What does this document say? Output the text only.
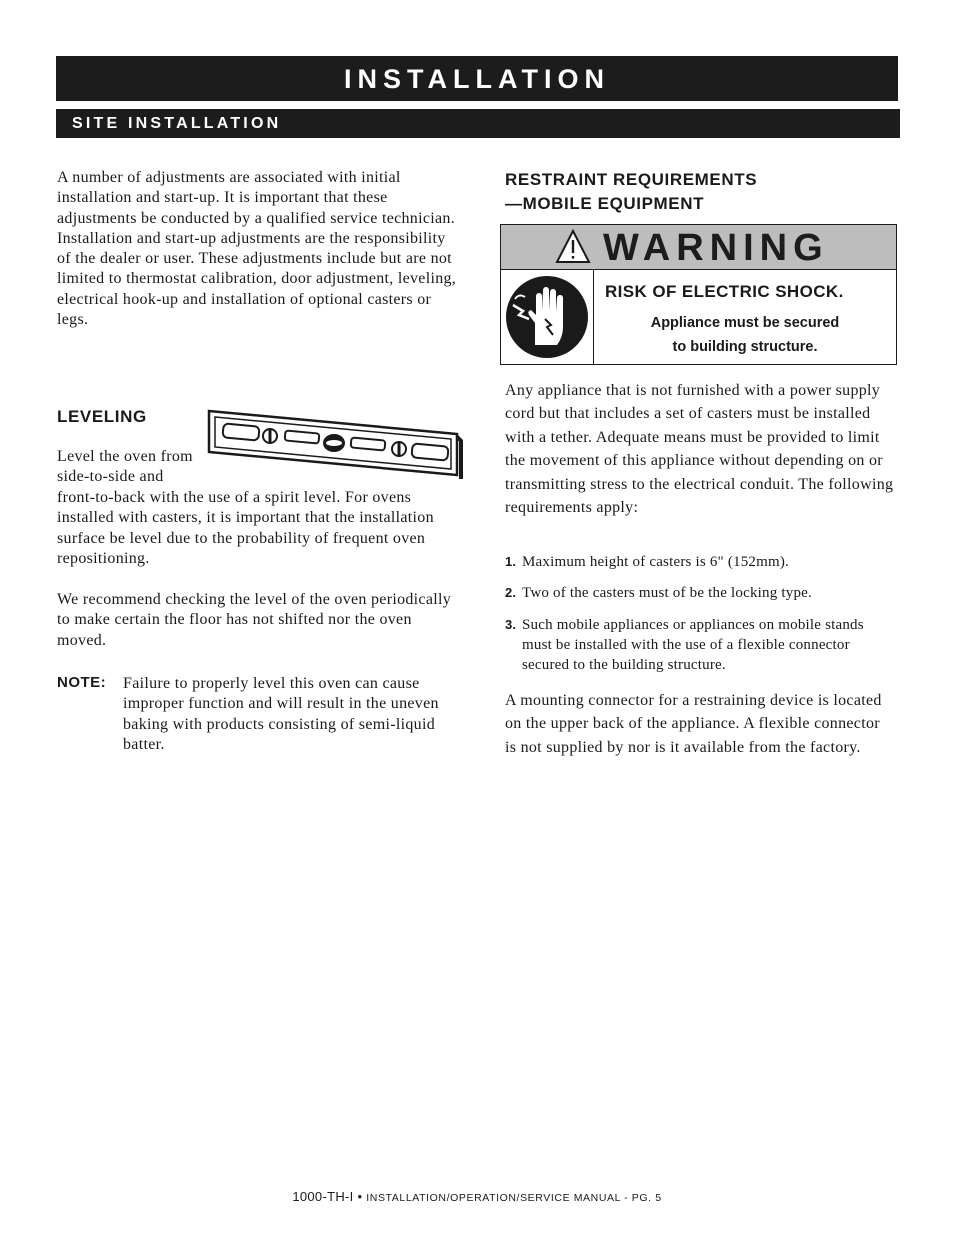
INSTALLATION
SITE INSTALLATION

A number of adjustments are associated with initial installation and start-up. It is important that these adjustments be conducted by a qualified service technician. Installation and start-up adjustments are the responsibility of the dealer or user. These adjustments include but are not limited to thermostat calibration, door adjustment, leveling, electrical hook-up and installation of optional casters or legs.

LEVELING

Level the oven from side-to-side and

front-to-back with the use of a spirit level. For ovens installed with casters, it is important that the installation surface be level due to the probability of frequent oven repositioning.

We recommend checking the level of the oven periodically to make certain the floor has not shifted nor the oven moved.

NOTE: Failure to properly level this oven can cause improper function and will result in the uneven baking with products consisting of semi-liquid batter.

RESTRAINT REQUIREMENTS
—MOBILE EQUIPMENT
WARNING
RISK OF ELECTRIC SHOCK.
Appliance must be secured
to building structure.

Any appliance that is not furnished with a power supply cord but that includes a set of casters must be installed with a tether. Adequate means must be provided to limit the movement of this appliance without depending on or transmitting stress to the electrical conduit. The following requirements apply:

1. Maximum height of casters is 6" (152mm).
2. Two of the casters must of be the locking type.
3. Such mobile appliances or appliances on mobile stands must be installed with the use of a flexible connector secured to the building structure.

A mounting connector for a restraining device is located on the upper back of the appliance. A flexible connector is not supplied by nor is it available from the factory.

1000-TH-I • INSTALLATION/OPERATION/SERVICE MANUAL - PG. 5
